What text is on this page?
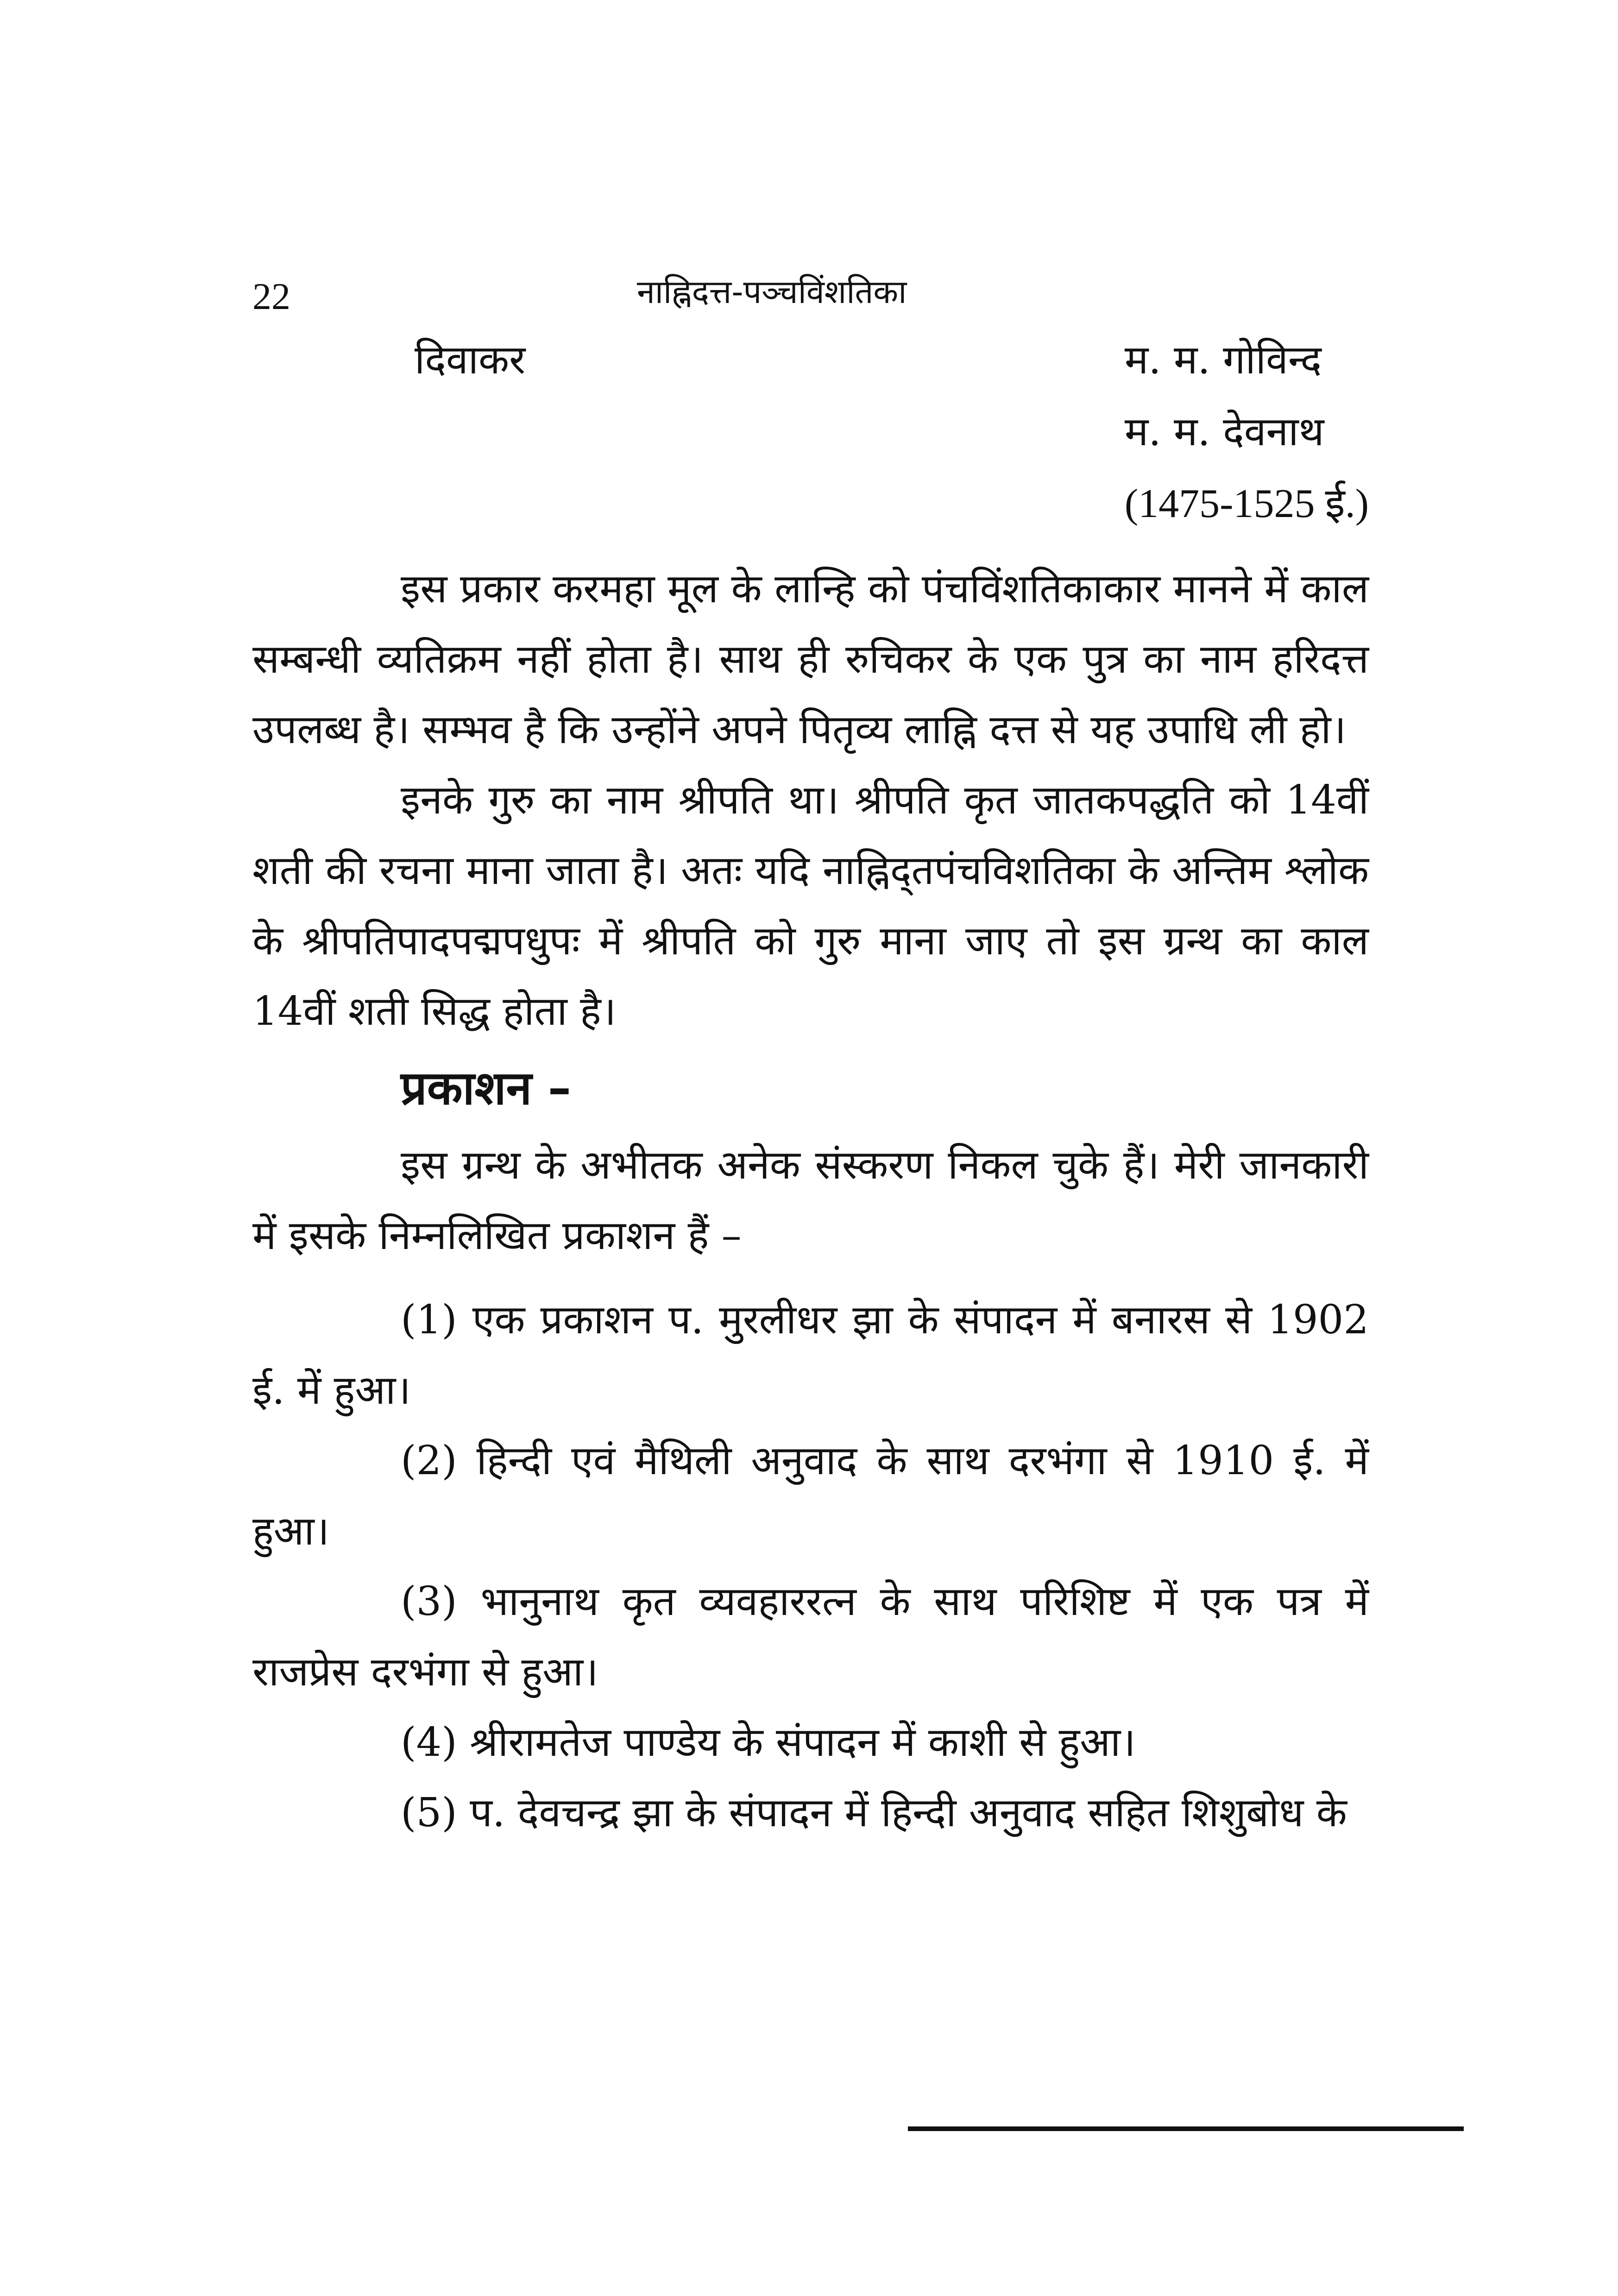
22	नाह्निदत्त-पञ्चविंशतिका
दिवाकर	म. म. गोविन्द
म. म. देवनाथ
(1475-1525 ई.)

इस प्रकार करमहा मूल के लान्हि को पंचविंशतिकाकार मानने में काल सम्बन्धी व्यतिक्रम नहीं होता है। साथ ही रुचिकर के एक पुत्र का नाम हरिदत्त उपलब्ध है। सम्भव है कि उन्होंने अपने पितृव्य लाह्नि दत्त से यह उपाधि ली हो।

इनके गुरु का नाम श्रीपति था। श्रीपति कृत जातकपद्धति को 14वीं शती की रचना माना जाता है। अतः यदि नाह्निद्तपंचविशतिका के अन्तिम श्लोक के श्रीपतिपादपद्मपधुपः में श्रीपति को गुरु माना जाए तो इस ग्रन्थ का काल 14वीं शती सिद्ध होता है।

प्रकाशन –

इस ग्रन्थ के अभीतक अनेक संस्करण निकल चुके हैं। मेरी जानकारी में इसके निम्नलिखित प्रकाशन हैं –

(1) एक प्रकाशन प. मुरलीधर झा के संपादन में बनारस से 1902 ई. में हुआ।

(2) हिन्दी एवं मैथिली अनुवाद के साथ दरभंगा से 1910 ई. में हुआ।

(3) भानुनाथ कृत व्यवहाररत्न के साथ परिशिष्ट में एक पत्र में राजप्रेस दरभंगा से हुआ।

(4) श्रीरामतेज पाण्डेय के संपादन में काशी से हुआ।

(5) प. देवचन्द्र झा के संपादन में हिन्दी अनुवाद सहित शिशुबोध के
